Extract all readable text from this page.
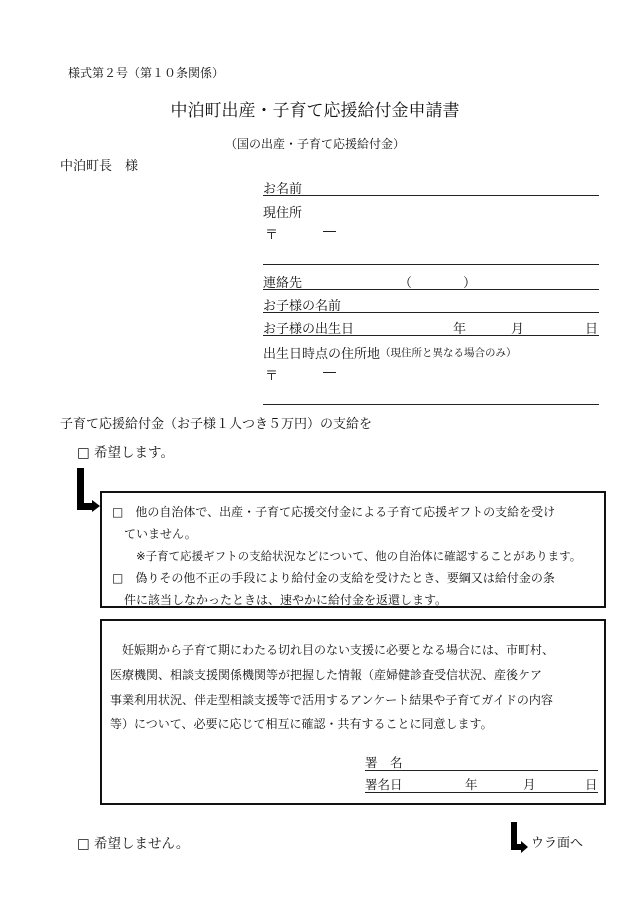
様式第２号（第１０条関係）
中泊町出産・子育て応援給付金申請書
（国の出産・子育て応援給付金）
中泊町長　様
お名前
現住所
〒	―
連絡先	（	）
お子様の名前
お子様の出生日	年	月	日
出生日時点の住所地 （現住所と異なる場合のみ）
〒	―
子育て応援給付金（お子様１人つき５万円）の支給を
□ 希望します。
□　他の自治体で、出産・子育て応援交付金による子育て応援ギフトの支給を受け
ていません。
※子育て応援ギフトの支給状況などについて、他の自治体に確認することがあります。
□　偽りその他不正の手段により給付金の支給を受けたとき、要綱又は給付金の条
件に該当しなかったときは、速やかに給付金を返還します。
妊娠期から子育て期にわたる切れ目のない支援に必要となる場合には、市町村、
医療機関、相談支援関係機関等が把握した情報（産婦健診査受信状況、産後ケア
事業利用状況、伴走型相談支援等で活用するアンケート結果や子育てガイドの内容
等）について、必要に応じて相互に確認・共有することに同意します。
署　名
署名日	年	月	日
□ 希望しません。	ウラ面へ
